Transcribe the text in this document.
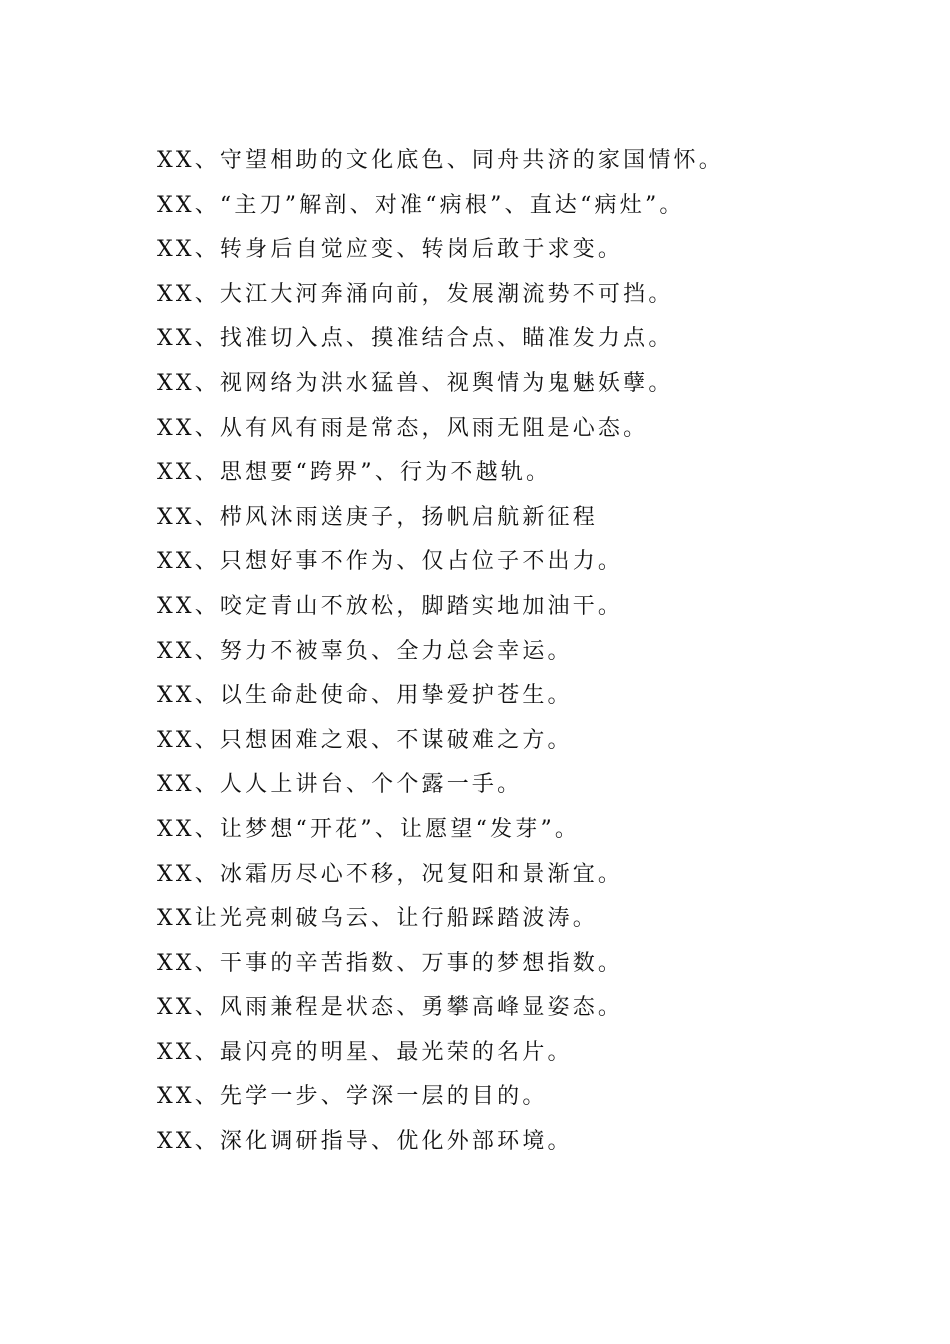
XX、守望相助的文化底色、同舟共济的家国情怀。
XX、“主刀”解剖、对准“病根”、直达“病灶”。
XX、转身后自觉应变、转岗后敢于求变。
XX、大江大河奔涌向前，发展潮流势不可挡。
XX、找准切入点、摸准结合点、瞄准发力点。
XX、视网络为洪水猛兽、视舆情为鬼魅妖孽。
XX、从有风有雨是常态，风雨无阻是心态。
XX、思想要“跨界”、行为不越轨。
XX、栉风沐雨送庚子，扬帆启航新征程
XX、只想好事不作为、仅占位子不出力。
XX、咬定青山不放松，脚踏实地加油干。
XX、努力不被辜负、全力总会幸运。
XX、以生命赴使命、用挚爱护苍生。
XX、只想困难之艰、不谋破难之方。
XX、人人上讲台、个个露一手。
XX、让梦想“开花”、让愿望“发芽”。
XX、冰霜历尽心不移，况复阳和景渐宜。
XX让光亮刺破乌云、让行船踩踏波涛。
XX、干事的辛苦指数、万事的梦想指数。
XX、风雨兼程是状态、勇攀高峰显姿态。
XX、最闪亮的明星、最光荣的名片。
XX、先学一步、学深一层的目的。
XX、深化调研指导、优化外部环境。
